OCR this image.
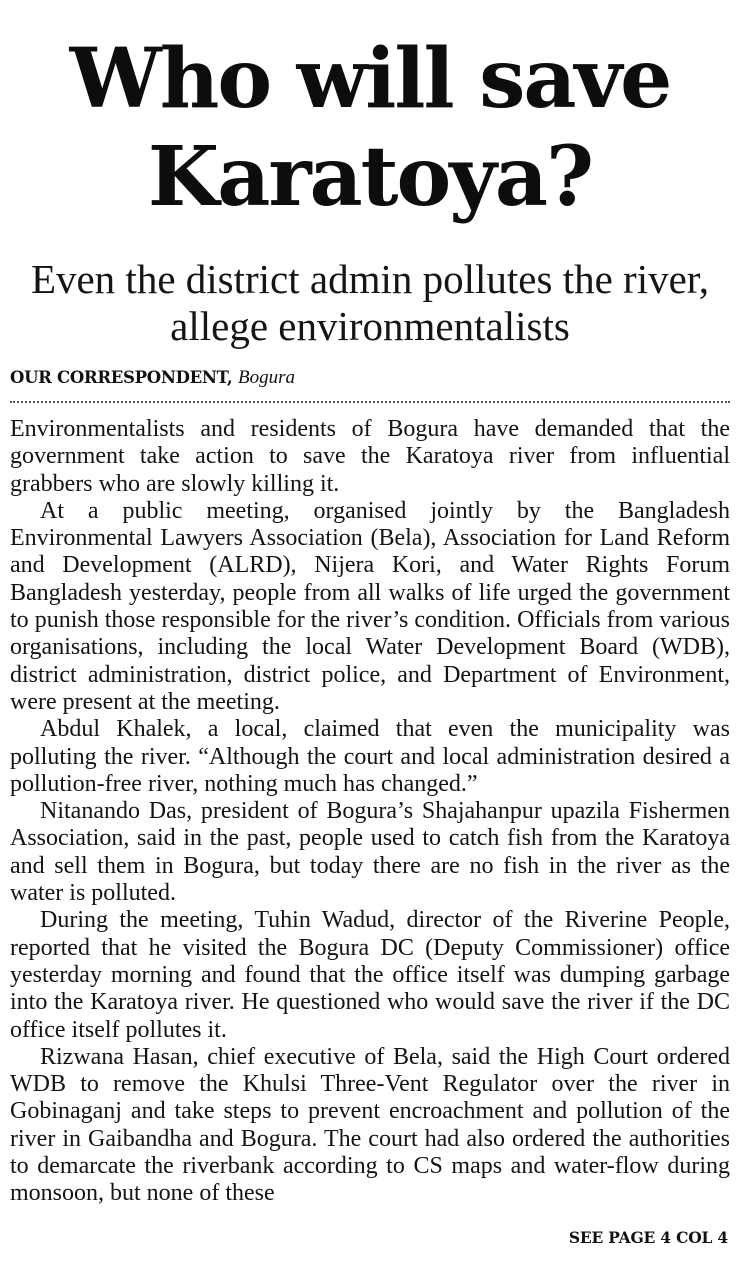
Who will save Karatoya?
Even the district admin pollutes the river, allege environmentalists
OUR CORRESPONDENT, Bogura

Environmentalists and residents of Bogura have demanded that the government take action to save the Karatoya river from influential grabbers who are slowly killing it.

At a public meeting, organised jointly by the Bangladesh Environmental Lawyers Association (Bela), Association for Land Reform and Development (ALRD), Nijera Kori, and Water Rights Forum Bangladesh yesterday, people from all walks of life urged the government to punish those responsible for the river’s condition. Officials from various organisations, including the local Water Development Board (WDB), district administration, district police, and Department of Environment, were present at the meeting.

Abdul Khalek, a local, claimed that even the municipality was polluting the river. “Although the court and local administration desired a pollution-free river, nothing much has changed.”

Nitanando Das, president of Bogura’s Shajahanpur upazila Fishermen Association, said in the past, people used to catch fish from the Karatoya and sell them in Bogura, but today there are no fish in the river as the water is polluted.

During the meeting, Tuhin Wadud, director of the Riverine People, reported that he visited the Bogura DC (Deputy Commissioner) office yesterday morning and found that the office itself was dumping garbage into the Karatoya river. He questioned who would save the river if the DC office itself pollutes it.

Rizwana Hasan, chief executive of Bela, said the High Court ordered WDB to remove the Khulsi Three-Vent Regulator over the river in Gobinaganj and take steps to prevent encroachment and pollution of the river in Gaibandha and Bogura. The court had also ordered the authorities to demarcate the riverbank according to CS maps and water-flow during monsoon, but none of these

SEE PAGE 4 COL 4
